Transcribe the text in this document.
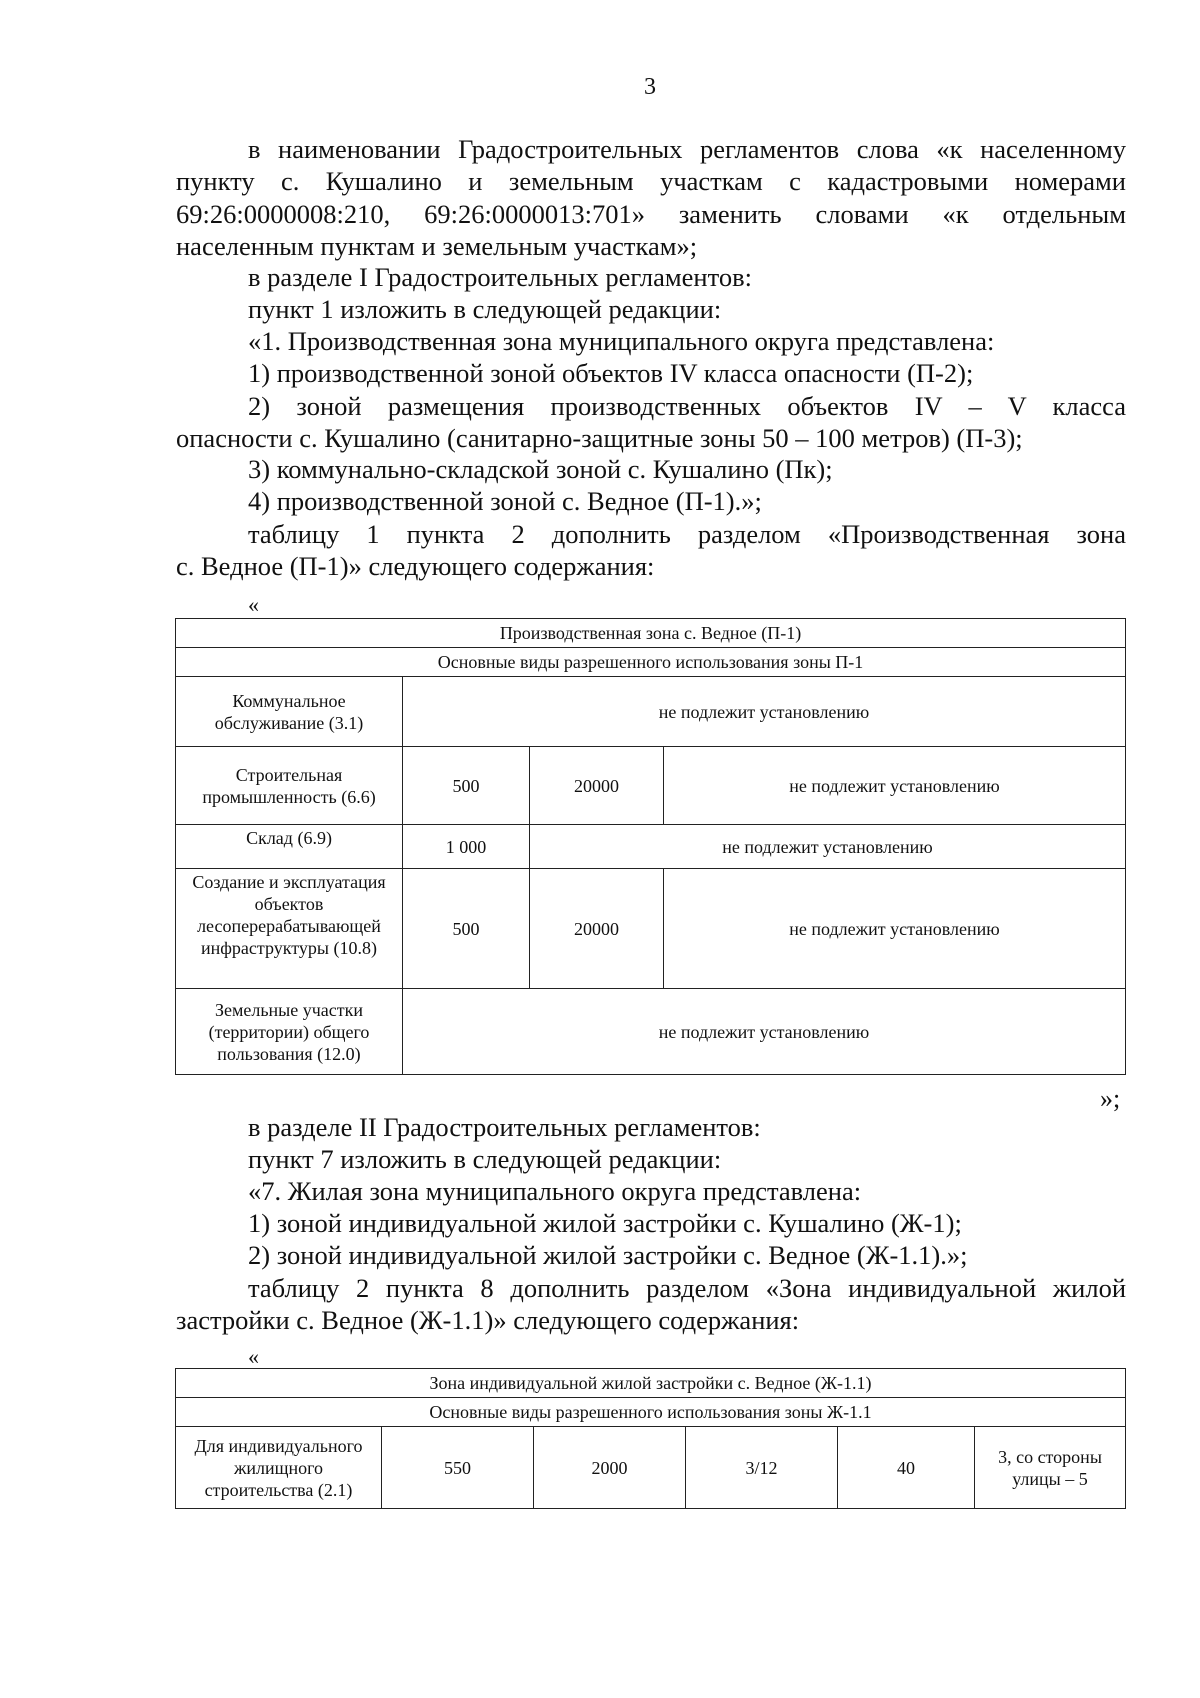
3
в наименовании Градостроительных регламентов слова «к населенному
пункту с. Кушалино и земельным участкам с кадастровыми номерами
69:26:0000008:210, 69:26:0000013:701» заменить словами «к отдельным
населенным пунктам и земельным участкам»;
в разделе I Градостроительных регламентов:
пункт 1 изложить в следующей редакции:
«1. Производственная зона муниципального округа представлена:
1) производственной зоной объектов IV класса опасности (П-2);
2) зоной размещения производственных объектов IV – V класса
опасности с. Кушалино (санитарно-защитные зоны 50 – 100 метров) (П-3);
3) коммунально-складской зоной с. Кушалино (Пк);
4) производственной зоной с. Ведное (П-1).»;
таблицу 1 пункта 2 дополнить разделом «Производственная зона
с. Ведное (П-1)» следующего содержания:
«
Производственная зона с. Ведное (П-1)			
Основные виды разрешенного использования зоны П-1			
Коммунальное обслуживание (3.1)	не подлежит установлению		
Строительная промышленность (6.6)	500	20000	не подлежит установлению
Склад (6.9)	1 000	не подлежит установлению	
Создание и эксплуатация объектов лесоперерабатывающей инфраструктуры (10.8)	500	20000	не подлежит установлению
Земельные участки (территории) общего пользования (12.0)	не подлежит установлению		
»;
в разделе II Градостроительных регламентов:
пункт 7 изложить в следующей редакции:
«7. Жилая зона муниципального округа представлена:
1) зоной индивидуальной жилой застройки с. Кушалино (Ж-1);
2) зоной индивидуальной жилой застройки с. Ведное (Ж-1.1).»;
таблицу 2 пункта 8 дополнить разделом «Зона индивидуальной жилой
застройки с. Ведное (Ж-1.1)» следующего содержания:
«
Зона индивидуальной жилой застройки с. Ведное (Ж-1.1)
Основные виды разрешенного использования зоны Ж-1.1
Для индивидуального жилищного строительства (2.1)	550	2000	3/12	40	3, со стороны улицы – 5
